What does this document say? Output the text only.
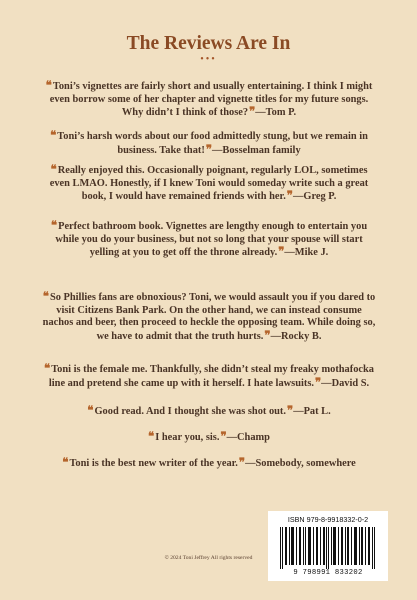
The Reviews Are In
•••
❝Toni’s vignettes are fairly short and usually entertaining. I think I might even borrow some of her chapter and vignette titles for my future songs. Why didn’t I think of those?❞—Tom P.
❝Toni’s harsh words about our food admittedly stung, but we remain in business. Take that!❞—Bosselman family
❝Really enjoyed this. Occasionally poignant, regularly LOL, sometimes even LMAO. Honestly, if I knew Toni would someday write such a great book, I would have remained friends with her.❞—Greg P.
❝Perfect bathroom book. Vignettes are lengthy enough to entertain you while you do your business, but not so long that your spouse will start yelling at you to get off the throne already.❞—Mike J.
❝So Phillies fans are obnoxious? Toni, we would assault you if you dared to visit Citizens Bank Park. On the other hand, we can instead consume nachos and beer, then proceed to heckle the opposing team. While doing so, we have to admit that the truth hurts.❞—Rocky B.
❝Toni is the female me. Thankfully, she didn’t steal my freaky mothafocka line and pretend she came up with it herself. I hate lawsuits.❞—David S.
❝Good read. And I thought she was shot out.❞—Pat L.
❝I hear you, sis.❞—Champ
❝Toni is the best new writer of the year.❞—Somebody, somewhere
© 2024 Toni Jeffrey All rights reserved
ISBN 979-8-9918332-0-2
9 798991 833202
